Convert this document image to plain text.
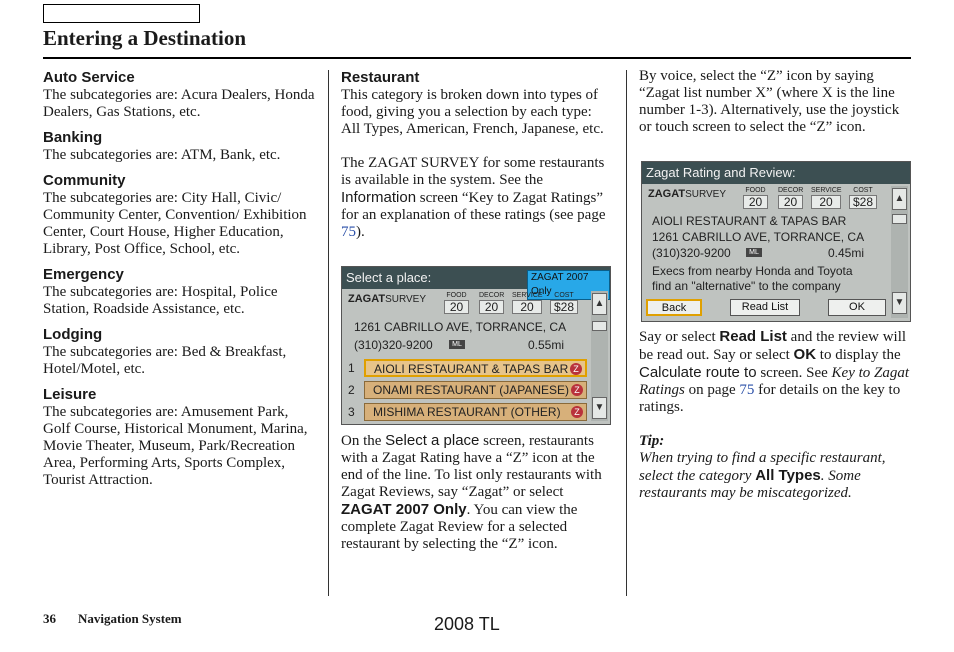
Entering a Destination
Auto Service

The subcategories are: Acura Dealers, Honda Dealers, Gas Stations, etc.

Banking

The subcategories are: ATM, Bank, etc.

Community

The subcategories are: City Hall, Civic/ Community Center, Convention/ Exhibition Center, Court House, Higher Education, Library, Post Office, School, etc.

Emergency

The subcategories are: Hospital, Police Station, Roadside Assistance, etc.

Lodging

The subcategories are: Bed & Breakfast, Hotel/Motel, etc.

Leisure

The subcategories are: Amusement Park, Golf Course, Historical Monument, Marina, Movie Theater, Museum, Park/Recreation Area, Performing Arts, Sports Complex, Tourist Attraction.

Restaurant

This category is broken down into types of food, giving you a selection by each type: All Types, American, French, Japanese, etc.

The ZAGAT SURVEY for some restaurants is available in the system. See the Information screen “Key to Zagat Ratings” for an explanation of these ratings (see page 75).

Select a place:	ZAGAT 2007 Only
ZAGATSURVEY	FOOD
20
DECOR
20
SERVICE
20
COST
$28
1261 CABRILLO AVE, TORRANCE, CA
(310)320-9200	ML	0.55mi
▲
▼
1	AIOLI RESTAURANT & TAPAS BAR Z
2	ONAMI RESTAURANT (JAPANESE) Z
3	MISHIMA RESTAURANT (OTHER)	Z

On the Select a place screen, restaurants with a Zagat Rating have a “Z” icon at the end of the line. To list only restaurants with Zagat Reviews, say “Zagat” or select ZAGAT 2007 Only. You can view the complete Zagat Review for a selected restaurant by selecting the “Z” icon.

By voice, select the “Z” icon by saying “Zagat list number X” (where X is the line number 1-3). Alternatively, use the joystick or touch screen to select the “Z” icon.

Zagat Rating and Review:
ZAGATSURVEY	FOOD
20
DECOR
20
SERVICE
20
COST
$28
AIOLI RESTAURANT & TAPAS BAR
1261 CABRILLO AVE, TORRANCE, CA
(310)320-9200	ML	0.45mi
Execs from nearby Honda and Toyota
find an "alternative" to the company
▲
▼
Back	Read List	OK

Say or select Read List and the review will be read out. Say or select OK to display the Calculate route to screen. See Key to Zagat Ratings on page 75 for details on the key to ratings.

Tip:

When trying to find a specific restaurant, select the category All Types. Some restaurants may be miscategorized.

36 Navigation System	2008 TL
